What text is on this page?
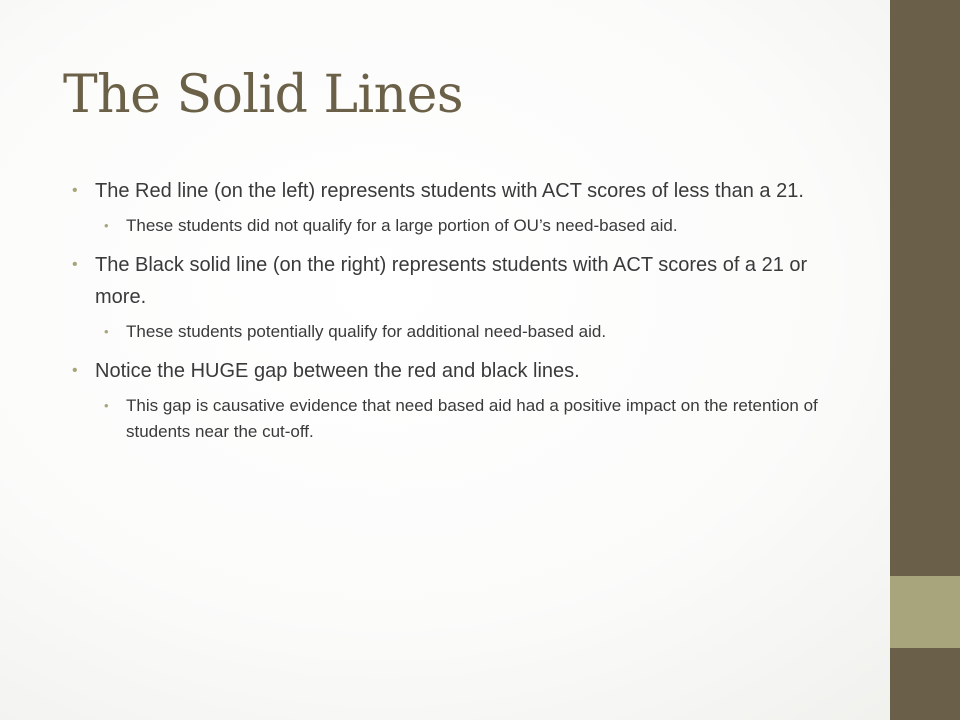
The Solid Lines
• The Red line (on the left) represents students with ACT scores of less than a 21.
• These students did not qualify for a large portion of OU’s need-based aid.
• The Black solid line (on the right) represents students with ACT scores of a 21 or more.
• These students potentially qualify for additional need-based aid.
• Notice the HUGE gap between the red and black lines.
• This gap is causative evidence that need based aid had a positive impact on the retention of students near the cut-off.
